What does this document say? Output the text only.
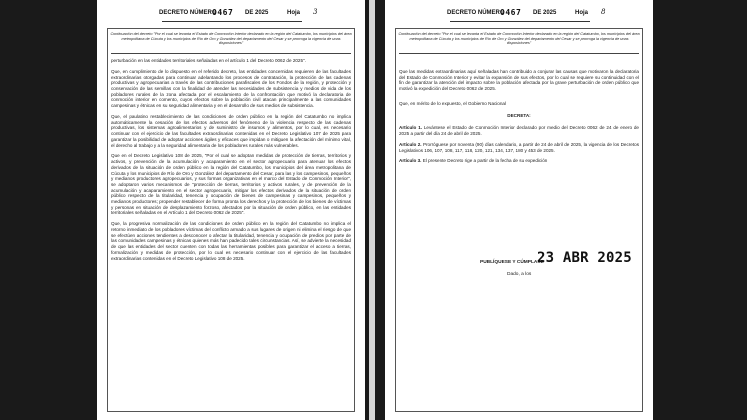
DECRETO NÚMERO
0467 DE 2025	Hoja 3
Continuación del decreto "Por el cual se levanta el Estado de Conmoción Interior declarado en la región del Catatumbo, los municipios del área metropolitana de Cúcuta y los municipios de Río de Oro y González del departamento del Cesar y se prorroga la vigencia de unas disposiciones"

perturbación en las entidades territoriales señaladas en el artículo 1 del Decreto 0062 de 2025".

Que, en cumplimiento de lo dispuesto en el referido decreto, las entidades concernidas requieren de las facultades extraordinarias otorgadas para continuar adelantando los procesos de contratación, la protección de las cadenas productivas y agropecuarias a través de las contribuciones parafiscales de los Fondos de la región, y protección y conservación de las semillas con la finalidad de atender las necesidades de subsistencia y medios de vida de los pobladores rurales de la zona afectada por el escalamiento de la confrontación que motivó la declaratoria de conmoción interior en comento, cuyos efectos sobre la población civil atacan principalmente a las comunidades campesinas y étnicas en su seguridad alimentaria y en el desarrollo de sus medios de subsistencia.

Que, el paulatino restablecimiento de las condiciones de orden público en la región del Catatumbo no implica automáticamente la cesación de los efectos adversos del fenómeno de la violencia respecto de las cadenas productivas, los sistemas agroalimentarios y de suministro de insumos y alimentos, por lo cual, es necesario continuar con el ejercicio de las facultades extraordinarias contenidas en el Decreto Legislativo 107 de 2025 para garantizar la posibilidad de adoptar acciones ágiles y eficaces que impidan o mitiguen la afectación del mínimo vital, el derecho al trabajo y a la seguridad alimentaria de los pobladores rurales más vulnerables.

Que en el Decreto Legislativo 108 de 2025, "Por el cual se adoptan medidas de protección de tierras, territorios y activos, y prevención de la acumulación y acaparamiento en el sector agropecuario para atenuar los efectos derivados de la situación de orden público en la región del Catatumbo, los municipios del área metropolitana de Cúcuta y los municipios de Río de Oro y González del departamento del Cesar, para las y los campesinos, pequeños y medianos productores agropecuarios, y sus formas organizativas en el marco del Estado de Conmoción Interior", se adoptaron varios mecanismos de "protección de tierras, territorios y activos rurales, y de prevención de la acumulación y acaparamiento en el sector agropecuario, mitigar los efectos derivados de la situación de orden público respecto de la titularidad, tenencia y ocupación de bienes de campesinas y campesinos, pequeños y medianos productores; propender restablecer de forma pronta los derechos y la protección de los bienes de víctimas y personas en situación de desplazamiento forzoso, afectados por la situación de orden público, en las entidades territoriales señaladas en el Artículo 1 del Decreto 0062 de 2025".

Que, la progresiva normalización de las condiciones de orden público en la región del Catatumbo no implica el retorno inmediato de los pobladores víctimas del conflicto armado a sus lugares de origen ni elimina el riesgo de que se efectúen acciones tendientes a desconocer o afectar la titularidad, tenencia y ocupación de predios por parte de las comunidades campesinas y étnicas quienes más han padecido tales circunstancias. Así, se advierte la necesidad de que las entidades del sector cuenten con todas las herramientas posibles para garantizar el acceso a tierras, formalización y medidas de protección, por lo cual es necesario continuar con el ejercicio de las facultades extraordinarias contenidas en el Decreto Legislativo 108 de 2025.

DECRETO NÚMERO
0467 DE 2025	Hoja 8
Continuación del decreto "Por el cual se levanta el Estado de Conmoción Interior declarado en la región del Catatumbo, los municipios del área metropolitana de Cúcuta y los municipios de Río de Oro y González del departamento del Cesar y se prorroga la vigencia de unas disposiciones"

Que las medidas extraordinarias aquí señaladas han contribuido a conjurar las causas que motivaron la declaratoria del Estado de Conmoción Interior y evitar la expansión de sus efectos, por lo cual se requiere su continuidad con el fin de garantizar la atención del impacto sobre la población afectada por la grave perturbación de orden público que motivó la expedición del Decreto 0062 de 2025.

Que, en mérito de lo expuesto, el Gobierno Nacional

DECRETA:

Artículo 1. Levántese el Estado de Conmoción Interior declarado por medio del Decreto 0062 de 24 de enero de 2025 a partir del día 24 de abril de 2025.

Artículo 2. Prorróguese por noventa (90) días calendario, a partir de 24 de abril de 2025, la vigencia de los Decretos Legislativos 106, 107, 108, 117, 118, 120, 121, 134, 137, 180 y 453 de 2025.

Artículo 3. El presente Decreto rige a partir de la fecha de su expedición

PUBLÍQUESE Y CÚMPLASE
23 ABR 2025
Dado, a los
